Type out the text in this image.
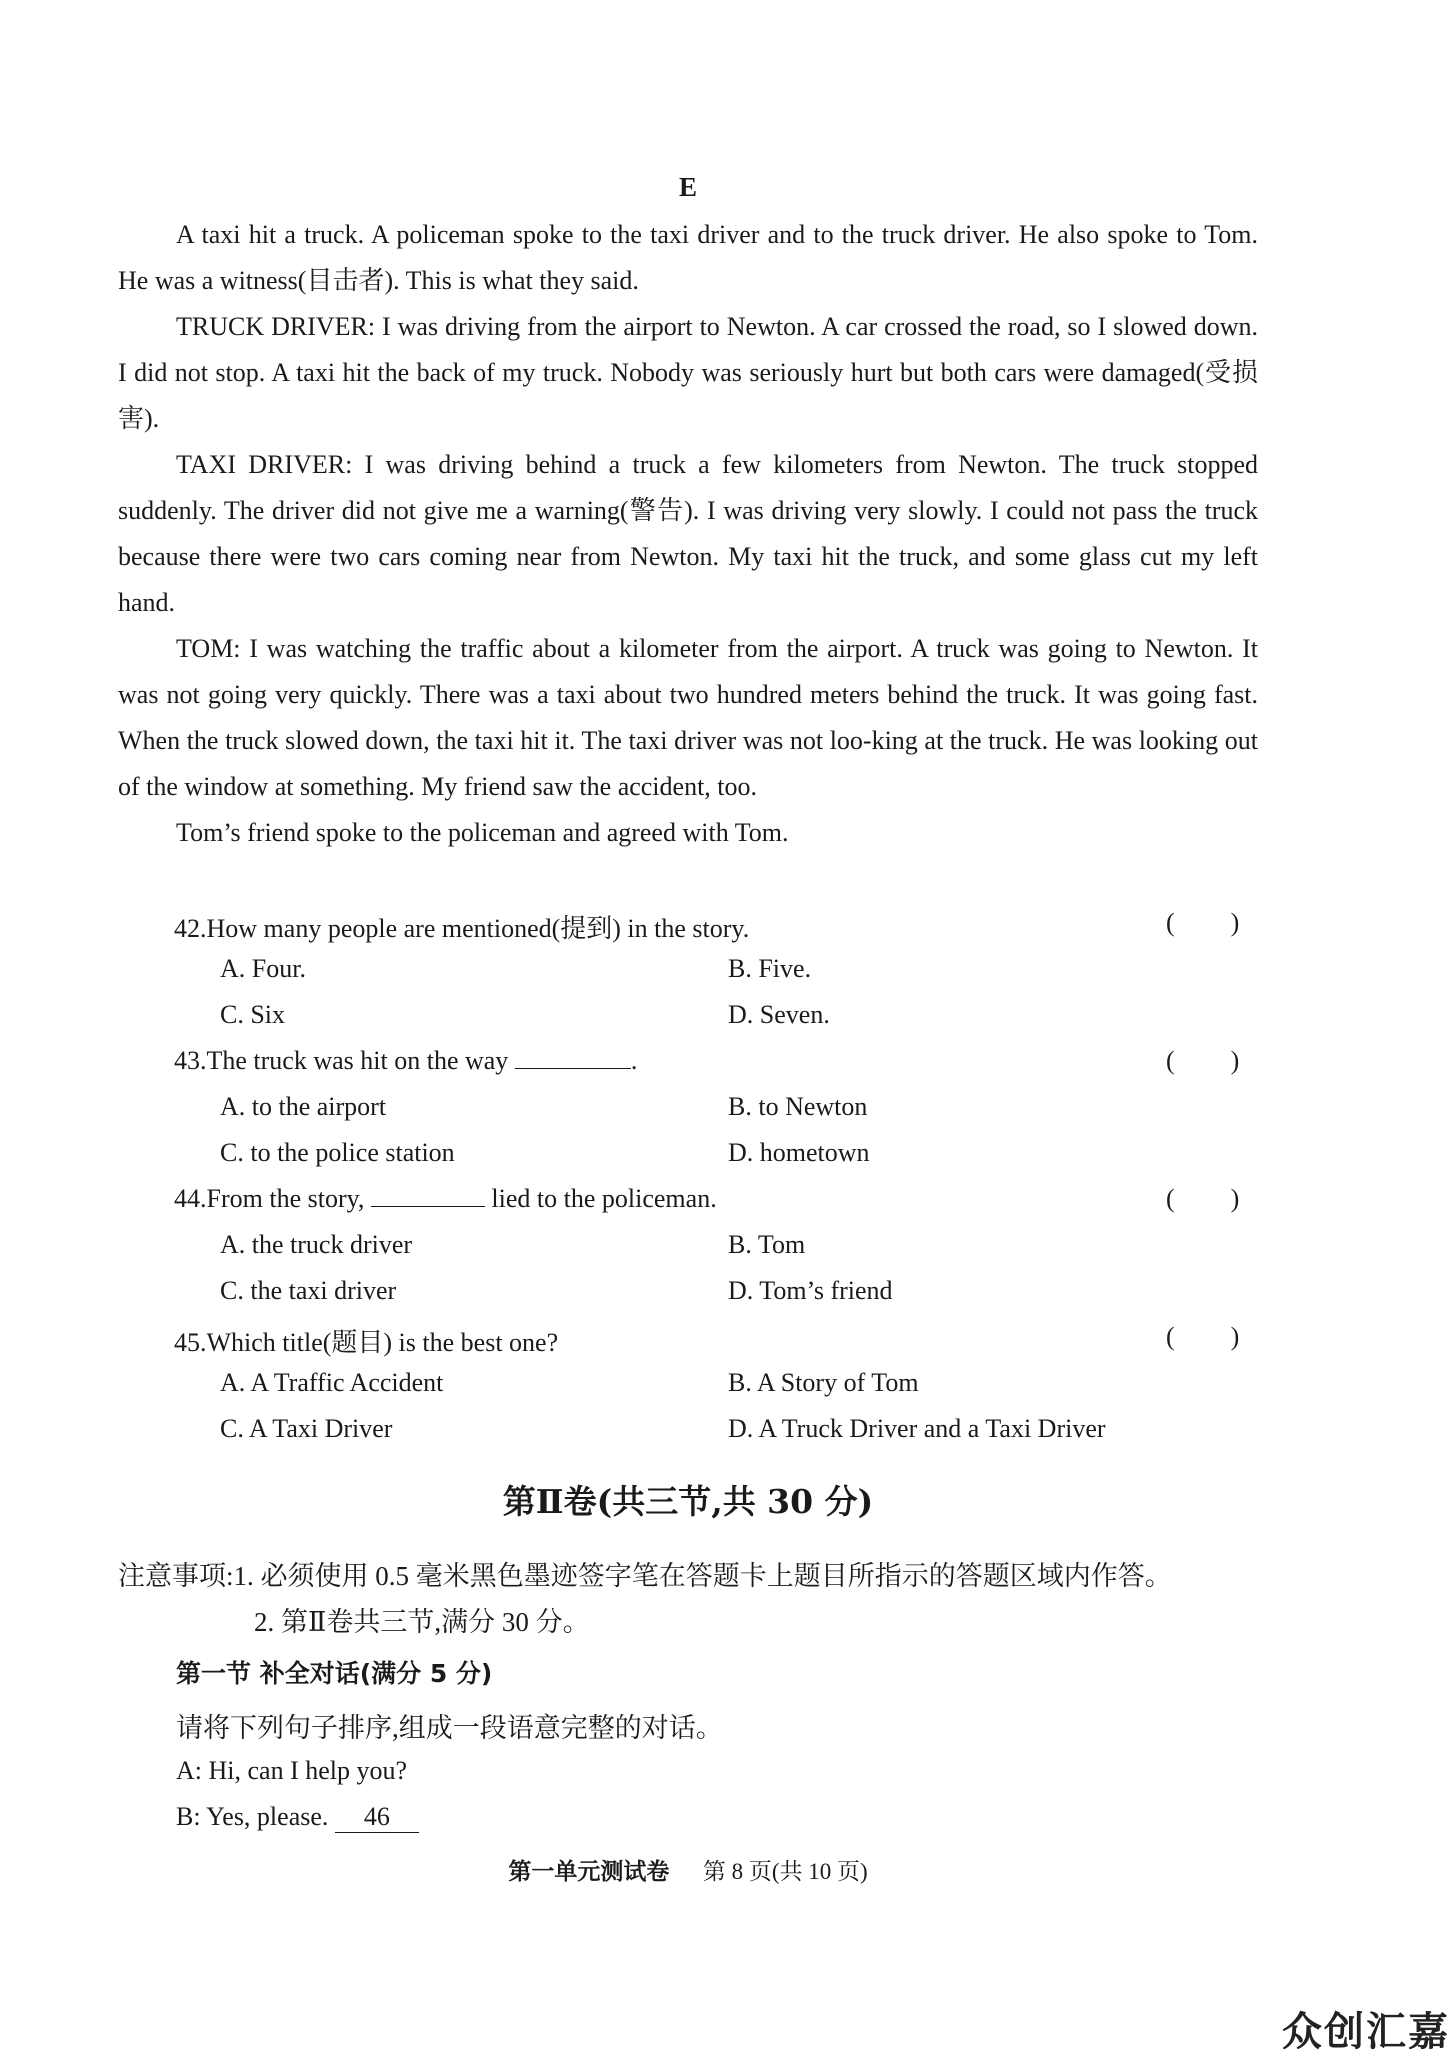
E

A taxi hit a truck. A policeman spoke to the taxi driver and to the truck driver. He also spoke to Tom. He was a witness(目击者). This is what they said.

TRUCK DRIVER: I was driving from the airport to Newton. A car crossed the road, so I slowed down. I did not stop. A taxi hit the back of my truck. Nobody was seriously hurt but both cars were damaged(受损害).

TAXI DRIVER: I was driving behind a truck a few kilometers from Newton. The truck stopped suddenly. The driver did not give me a warning(警告). I was driving very slowly. I could not pass the truck because there were two cars coming near from Newton. My taxi hit the truck, and some glass cut my left hand.

TOM: I was watching the traffic about a kilometer from the airport. A truck was going to Newton. It was not going very quickly. There was a taxi about two hundred meters behind the truck. It was going fast. When the truck slowed down, the taxi hit it. The taxi driver was not loo-king at the truck. He was looking out of the window at something. My friend saw the accident, too.

Tom’s friend spoke to the policeman and agreed with Tom.

42.How many people are mentioned(提到) in the story.	( )
A. Four.	B. Five.
C. Six	D. Seven.
43.The truck was hit on the way	.	( )
A. to the airport	B. to Newton
C. to the police station	D. hometown
44.From the story,	lied to the policeman.	( )
A. the truck driver	B. Tom
C. the taxi driver	D. Tom’s friend
45.Which title(题目) is the best one?	( )
A. A Traffic Accident	B. A Story of Tom
C. A Taxi Driver	D. A Truck Driver and a Taxi Driver
第Ⅱ卷(共三节,共 30 分)
注意事项:1. 必须使用 0.5 毫米黑色墨迹签字笔在答题卡上题目所指示的答题区域内作答。
2. 第Ⅱ卷共三节,满分 30 分。
第一节 补全对话(满分 5 分)
请将下列句子排序,组成一段语意完整的对话。
A: Hi, can I help you?
B: Yes, please. 46
第一单元测试卷 第 8 页(共 10 页)
众创汇嘉
